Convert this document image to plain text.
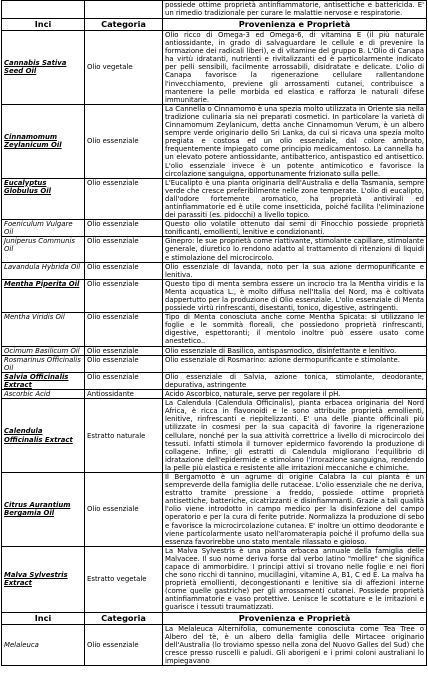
		possiede ottime proprietà antinfiammatorie, antisettiche e battericida. E' un rimedio tradizionale per curare le malattie nervose e respiratorie.
Inci	Categoria	Provenienza e Proprietà
Cannabis Sativa Seed Oil	Olio vegetale	Olio ricco di Omega-3 ed Omega-6, di vitamina E (il più naturale antiossidante, in grado di salvaguardare le cellule e di prevenire la formazione dei radicali liberi), e di vitamine del gruppo B. L'Olio di Canapa ha virtù idratanti, nutrienti e rivitalizzanti ed è particolarmente indicato per pelli sensibili, facilmente arrossabili, disidratate e delicate. L'olio di Canapa favorisce la rigenerazione cellulare rallentandone l'invecchiamento, previene gli arrossamenti cutanei, contribuisce a mantenere la pelle morbida ed elastica e rafforza le naturali difese immunitarie.
Cinnamomum Zeylanicum Oil	Olio essenziale	La Cannella o Cinnamomo è una spezia molto utilizzata in Oriente sia nella tradizione culinaria sia nei preparati cosmetici. In particolare la varietà di Cinnamomum Zeylanicum, detta anche Cinnamomun Verum, è un albero sempre verde originario dello Sri Lanka, da cui si ricava una spezia molto pregiata e costosa ed un olio essenziale, dal colore ambrato, frequentemente impiegato come principio medicamentoso. La cannella ha un elevato potere antiossidante, antibatterico, antispastico ed antisettico. L'olio essenziale invece è un potente antimicotico e favorisce la circolazione sanguigna, opportunamente frizionato sulla pelle.
Eucalyptus Globulus Oil	Olio essenziale	L'Eucalipto è una pianta originaria dell'Australia e della Tasmania, sempre verde che cresce preferibilmente nelle zone temperate. L'olio di eucalipto, dall'odore fortemente aromatico, ha proprietà antivirali ed antinfiammatorie ed è utile come insetticida, poiché facilita l'eliminazione dei parassiti (es. pidocchi) a livello topico.
Foeniculum Vulgare Oil	Olio essenziale	Questo olio volatile ottenuto dai semi di Finocchio possiede proprietà tonificanti, emollienti, lenitive e condizionanti.
Juniperus Communis Oil	Olio essenziale	Ginepro: le sue proprietà come riattivante, stimolante capillare, stimolante generale, diuretico lo rendono adatto al trattamento di ritenzioni di liquidi e stimolazione del microcircolo.
Lavandula Hybrida Oil	Olio essenziale	Olio essenziale di lavanda, noto per la sua azione dermopurificante e lenitiva.
Mentha Piperita Oil	Olio essenziale	Questo tipo di menta sembra essere un incrocio tra la Mentha viridis e la Menta acquatica L., è molto diffusa nell'Italia del Nord, ma è coltivata dappertutto per la produzione di Olio essenziale. L'olio essenziale di Menta possiede virtù rinfrescanti, disestanti, tonico, digestive, astringenti.
Mentha Viridis Oil	Olio essenziale	Tipo di Menta conosciuta anche come Mentha Spicata: si utilizzano le foglie e le sommità floreali, che possiedono proprietà rinfrescanti, digestive, espettoranti; il mentolo inoltre può essere usato come anestetico..
Ocimum Basilicum Oil	Olio essenziale	Olio essenziale di Basilico, antispasmodico, disinfettante e lenitivo.
Rosmarinus Officinalis Oil	Olio essenziale	Olio essenziale di Rosmarino: azione dermopurificante e stimolante.
Salvia Officinalis Extract	Olio essenziale	Olio essenziale di Salvia, azione tonica, stimolante, deodorante, depurativa, astringente
Ascorbic Acid	Antiossidante	Acido Ascorbico, naturale, serve per regolare il pH.
Calendula Officinalis Extract	Estratto naturale	La Calendula (Calendula Officinalis), pianta erbacea originaria del Nord Africa, è ricca in flavonoidi e le sono attribuite proprietà emollienti, lenitive, rinfrescanti e riepitelizzanti. E' una delle piante officinali più utilizzate in cosmesi per la sua capacità di favorire la rigenerazione cellulare, nonché per la sua attività correttrice a livello di microcircolo dei tessuti. Infatti stimola il turnover epidermico favorendo la produzione di collagene. Infine, gli estratti di Calendula migliorano l'equilibrio di idratazione dell'epidermide e stimolano l'irrorazione sanguigna, rendendo la pelle più elastica e resistente alle irritazioni meccaniche e chimiche.
Citrus Aurantium Bergamia Oil	Olio essenziale	Il Bergamotto è un agrume di origine Calabra la cui pianta è un sempreverde della famiglia delle rutaceae. L'olio essenziale che ne deriva, estratto tramite pressione a freddo, possiede ottime proprietà antisettiche, batteriche, cicatrizzanti e disinfiammanti. Grazie a tali qualità l'olio viene introdotto in campo medico per la disinfezione del campo operatorio e per la cura di ferite putride. Normalizza la produzione di sebo e favorisce la microcircolazione cutanea. E' inoltre un ottimo deodorante e viene particolarmente usato nell'aromaterapia poiché il profumo della sua essenza favorirebbe uno stato mentale rilassato e gioioso.
Malva Sylvestris Extract	Estratto vegetale	La Malva Sylvestris è una pianta erbacea annuale della famiglia delle Malvacee. Il suo nome deriva forse dal verbo latino "mollire" che significa capace di ammorbidire. I principi attivi si trovano nelle foglie e nei fiori che sono ricchi di tannino, mucillagini, vitamine A, B1, C ed E. La malva ha proprietà emollienti, decongestionanti e lenitive sia di affezioni interne (come quelle gastriche) per gli arrossamenti cutanei. Possiede proprietà antinfiammatorie e vaso protettive. Lenisce le scottature e le irritazioni e guarisce i tessuti traumatizzati.
Inci	Categoria	Provenienza e Proprietà
Melaleuca	Olio essenziale	La Melaleuca Alternifolia, comunemente conosciuta come Tea Tree o Albero del tè, è un albero della famiglia delle Mirtacee originario dell'Australia (lo troviamo spesso nella zona del Nuovo Galles del Sud) che cresce presso ruscelli e paludi. Gli aborigeni e i primi coloni australiani lo impiegavano
